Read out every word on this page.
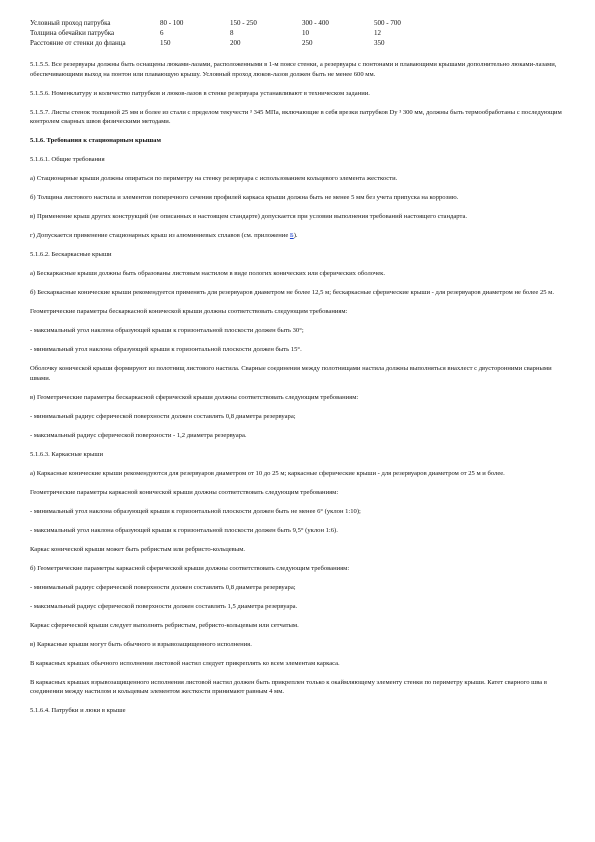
Условный проход патрубка	80 - 100	150 - 250	300 - 400	500 - 700
Толщина обечайки патрубка	6	8	10	12
Расстояние от стенки до фланца	150	200	250	350

5.1.5.5. Все резервуары должны быть оснащены люками-лазами, расположенными в 1-м поясе стенки, а резервуары с понтонами и плавающими крышами дополнительно люками-лазами, обеспечивающими выход на понтон или плавающую крышу. Условный проход люков-лазов должен быть не менее 600 мм.

5.1.5.6. Номенклатуру и количество патрубков и люков-лазов в стенке резервуара устанавливают в техническом задании.

5.1.5.7. Листы стенок толщиной 25 мм и более из стали с пределом текучести ³ 345 МПа, включающие в себя врезки патрубков Dy ³ 300 мм, должны быть термообработаны с последующим контролем сварных швов физическими методами.

5.1.6. Требования к стационарным крышам

5.1.6.1. Общие требования

а) Стационарные крыши должны опираться по периметру на стенку резервуара с использованием кольцевого элемента жесткости.

б) Толщина листового настила и элементов поперечного сечения профилей каркаса крыши должна быть не менее 5 мм без учета припуска на коррозию.

в) Применение крыш других конструкций (не описанных в настоящем стандарте) допускается при условии выполнения требований настоящего стандарта.

г) Допускается применение стационарных крыш из алюминиевых сплавов (см. приложение Б).

5.1.6.2. Бескаркасные крыши

а) Бескаркасные крыши должны быть образованы листовым настилом в виде пологих конических или сферических оболочек.

б) Бескаркасные конические крыши рекомендуется применять для резервуаров диаметром не более 12,5 м; бескаркасные сферические крыши - для резервуаров диаметром не более 25 м.

Геометрические параметры бескаркасной конической крыши должны соответствовать следующим требованиям:

- максимальный угол наклона образующей крыши к горизонтальной плоскости должен быть 30°;

- минимальный угол наклона образующей крыши к горизонтальной плоскости должен быть 15°.

Оболочку конической крыши формируют из полотнищ листового настила. Сварные соединения между полотнищами настила должны выполняться внахлест с двусторонними сварными швами.

в) Геометрические параметры бескаркасной сферической крыши должны соответствовать следующим требованиям:

- минимальный радиус сферической поверхности должен составлять 0,8 диаметра резервуара;

- максимальный радиус сферической поверхности - 1,2 диаметра резервуара.

5.1.6.3. Каркасные крыши

а) Каркасные конические крыши рекомендуются для резервуаров диаметром от 10 до 25 м; каркасные сферические крыши - для резервуаров диаметром от 25 м и более.

Геометрические параметры каркасной конической крыши должны соответствовать следующим требованиям:

- минимальный угол наклона образующей крыши к горизонтальной плоскости должен быть не менее 6° (уклон 1:10);

- максимальный угол наклона образующей крыши к горизонтальной плоскости должен быть 9,5° (уклон 1:6).

Каркас конической крыши может быть ребристым или ребристо-кольцевым.

б) Геометрические параметры каркасной сферической крыши должны соответствовать следующим требованиям:

- минимальный радиус сферической поверхности должен составлять 0,8 диаметра резервуара;

- максимальный радиус сферической поверхности должен составлять 1,5 диаметра резервуара.

Каркас сферической крыши следует выполнять ребристым, ребристо-кольцевым или сетчатым.

в) Каркасные крыши могут быть обычного и взрывозащищенного исполнения.

В каркасных крышах обычного исполнения листовой настил следует прикреплять ко всем элементам каркаса.

В каркасных крышах взрывозащищенного исполнения листовой настил должен быть прикреплен только к окаймляющему элементу стенки по периметру крыши. Катет сварного шва в соединении между настилом и кольцевым элементом жесткости принимают равным 4 мм.

5.1.6.4. Патрубки и люки в крыше
